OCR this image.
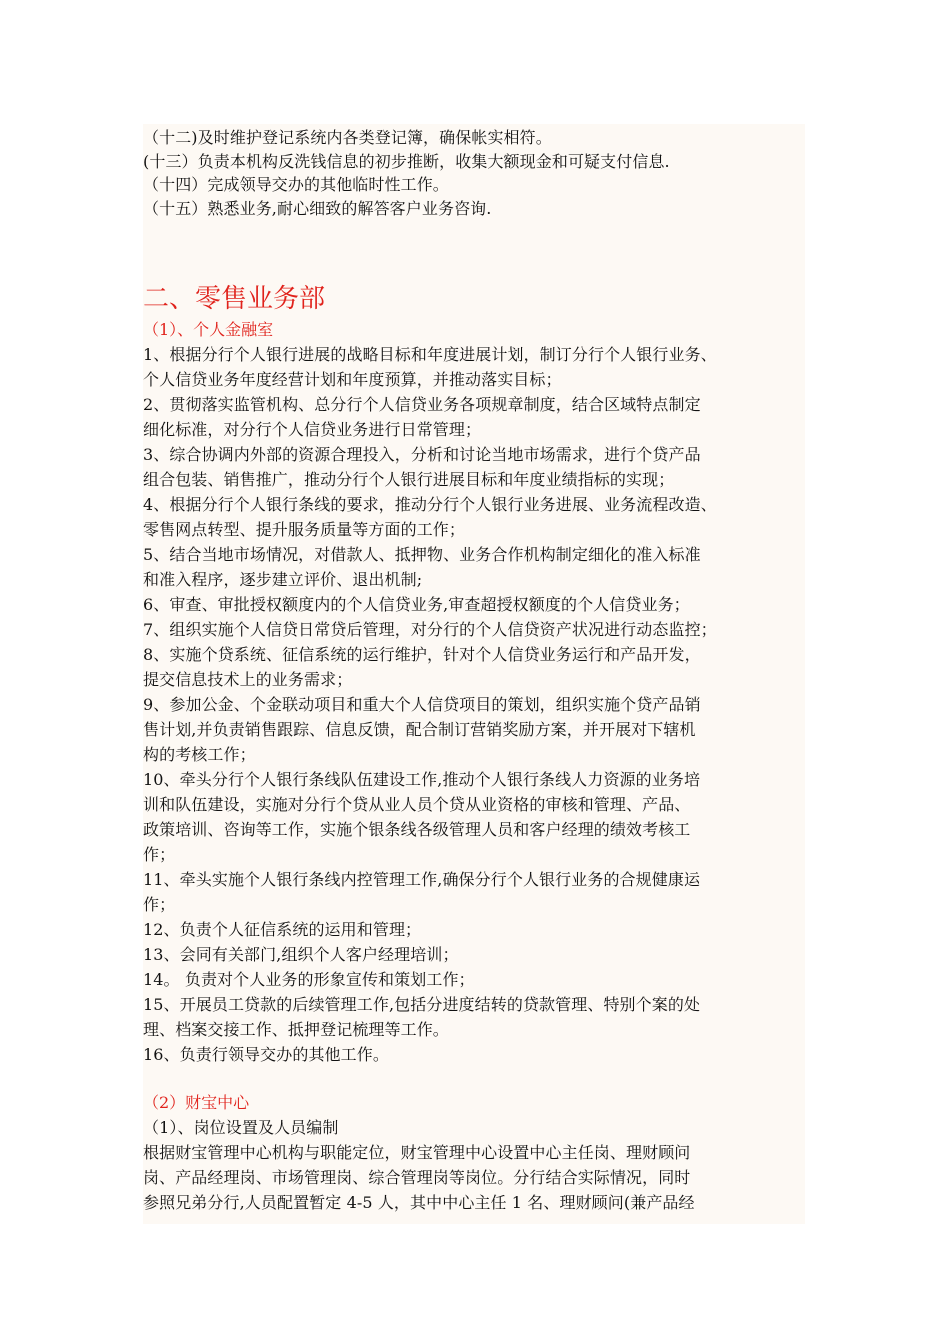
（十二)及时维护登记系统内各类登记簿，确保帐实相符。
(十三）负责本机构反洗钱信息的初步推断，收集大额现金和可疑支付信息.
（十四）完成领导交办的其他临时性工作。
（十五）熟悉业务,耐心细致的解答客户业务咨询.
二、零售业务部
（1）、个人金融室
1、根据分行个人银行进展的战略目标和年度进展计划，制订分行个人银行业务、
个人信贷业务年度经营计划和年度预算，并推动落实目标；
2、贯彻落实监管机构、总分行个人信贷业务各项规章制度，结合区域特点制定
细化标准，对分行个人信贷业务进行日常管理；
3、综合协调内外部的资源合理投入，分析和讨论当地市场需求，进行个贷产品
组合包装、销售推广，推动分行个人银行进展目标和年度业绩指标的实现；
4、根据分行个人银行条线的要求，推动分行个人银行业务进展、业务流程改造、
零售网点转型、提升服务质量等方面的工作；
5、结合当地市场情况，对借款人、抵押物、业务合作机构制定细化的准入标准
和准入程序，逐步建立评价、退出机制;
6、审查、审批授权额度内的个人信贷业务,审查超授权额度的个人信贷业务；
7、组织实施个人信贷日常贷后管理，对分行的个人信贷资产状况进行动态监控；
8、实施个贷系统、征信系统的运行维护，针对个人信贷业务运行和产品开发，
提交信息技术上的业务需求；
9、参加公金、个金联动项目和重大个人信贷项目的策划，组织实施个贷产品销
售计划,并负责销售跟踪、信息反馈，配合制订营销奖励方案，并开展对下辖机
构的考核工作；
10、牵头分行个人银行条线队伍建设工作,推动个人银行条线人力资源的业务培
训和队伍建设，实施对分行个贷从业人员个贷从业资格的审核和管理、产品、
政策培训、咨询等工作，实施个银条线各级管理人员和客户经理的绩效考核工
作；
11、牵头实施个人银行条线内控管理工作,确保分行个人银行业务的合规健康运
作；
12、负责个人征信系统的运用和管理；
13、会同有关部门,组织个人客户经理培训；
14。 负责对个人业务的形象宣传和策划工作；
15、开展员工贷款的后续管理工作,包括分进度结转的贷款管理、特别个案的处
理、档案交接工作、抵押登记梳理等工作。
16、负责行领导交办的其他工作。
（2）财宝中心
（1）、岗位设置及人员编制
根据财宝管理中心机构与职能定位，财宝管理中心设置中心主任岗、理财顾问
岗、产品经理岗、市场管理岗、综合管理岗等岗位。分行结合实际情况，同时
参照兄弟分行,人员配置暂定 4-5 人，其中中心主任 1 名、理财顾问(兼产品经
